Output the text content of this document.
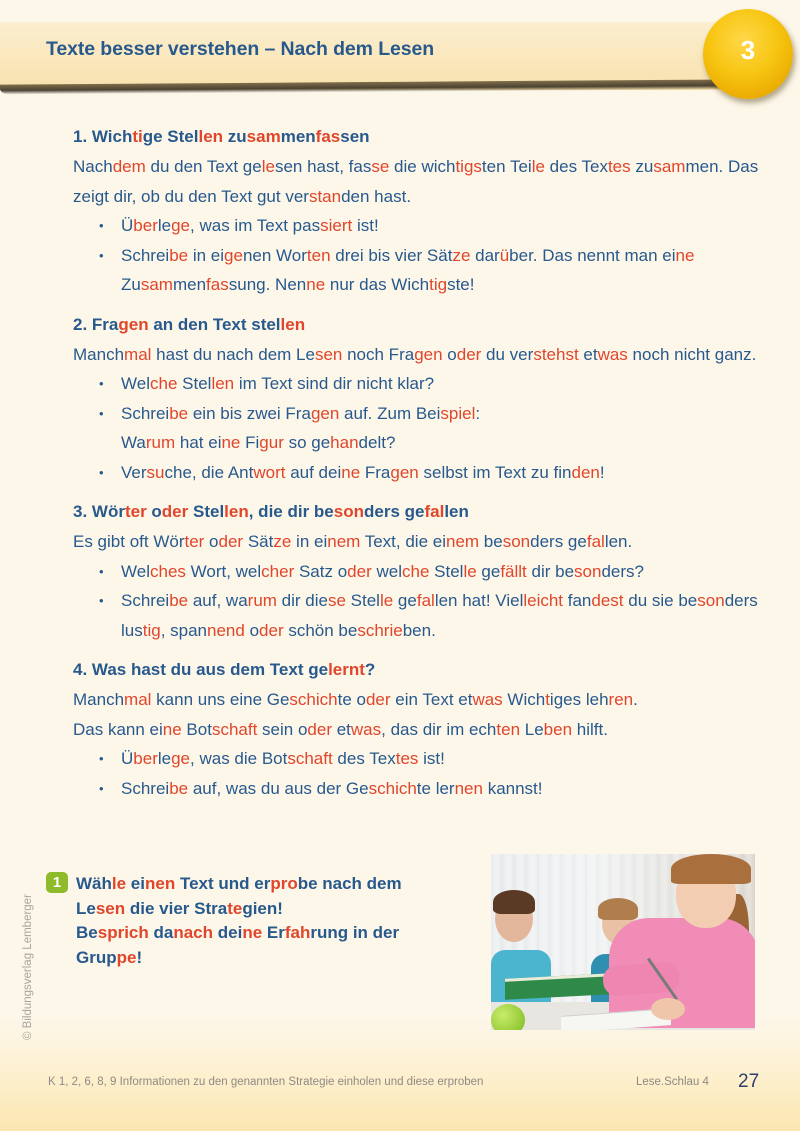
Texte besser verstehen – Nach dem Lesen	3
1. Wichtige Stellen zusammenfassen
Nachdem du den Text gelesen hast, fasse die wichtigsten Teile des Textes zusammen. Das zeigt dir, ob du den Text gut verstanden hast.
• Überlege, was im Text passiert ist!
• Schreibe in eigenen Worten drei bis vier Sätze darüber. Das nennt man eine Zusammenfassung. Nenne nur das Wichtigste!
2. Fragen an den Text stellen
Manchmal hast du nach dem Lesen noch Fragen oder du verstehst etwas noch nicht ganz.
• Welche Stellen im Text sind dir nicht klar?
• Schreibe ein bis zwei Fragen auf. Zum Beispiel:
Warum hat eine Figur so gehandelt?
• Versuche, die Antwort auf deine Fragen selbst im Text zu finden!
3. Wörter oder Stellen, die dir besonders gefallen
Es gibt oft Wörter oder Sätze in einem Text, die einem besonders gefallen.
• Welches Wort, welcher Satz oder welche Stelle gefällt dir besonders?
• Schreibe auf, warum dir diese Stelle gefallen hat! Vielleicht fandest du sie besonders lustig, spannend oder schön beschrieben.
4. Was hast du aus dem Text gelernt?
Manchmal kann uns eine Geschichte oder ein Text etwas Wichtiges lehren.
Das kann eine Botschaft sein oder etwas, das dir im echten Leben hilft.
• Überlege, was die Botschaft des Textes ist!
• Schreibe auf, was du aus der Geschichte lernen kannst!
1 Wähle einen Text und erprobe nach dem
Lesen die vier Strategien!
Besprich danach deine Erfahrung in der
Gruppe!
© Bildungsverlag Lemberger
K 1, 2, 6, 8, 9 Informationen zu den genannten Strategie einholen und diese erproben	Lese.Schlau 4 27
